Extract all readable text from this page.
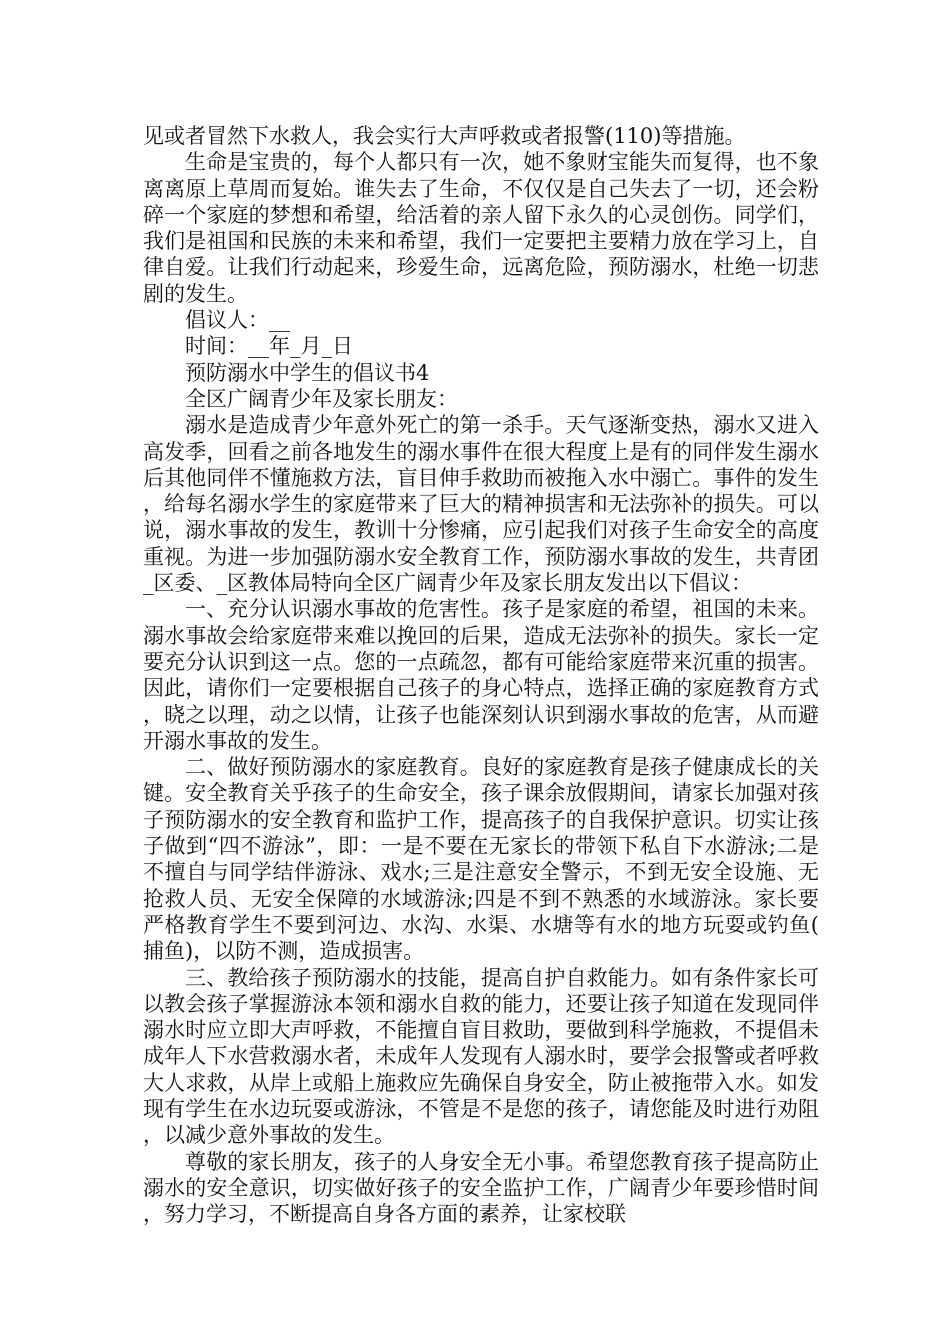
见或者冒然下水救人，我会实行大声呼救或者报警(110)等措施。

生命是宝贵的，每个人都只有一次，她不象财宝能失而复得，也不象离离原上草周而复始。谁失去了生命，不仅仅是自己失去了一切，还会粉碎一个家庭的梦想和希望，给活着的亲人留下永久的心灵创伤。同学们，我们是祖国和民族的未来和希望，我们一定要把主要精力放在学习上，自律自爱。让我们行动起来，珍爱生命，远离危险，预防溺水，杜绝一切悲剧的发生。

倡议人：__

时间：__年_月_日

预防溺水中学生的倡议书4

全区广阔青少年及家长朋友：

溺水是造成青少年意外死亡的第一杀手。天气逐渐变热，溺水又进入高发季，回看之前各地发生的溺水事件在很大程度上是有的同伴发生溺水后其他同伴不懂施救方法，盲目伸手救助而被拖入水中溺亡。事件的发生，给每名溺水学生的家庭带来了巨大的精神损害和无法弥补的损失。可以说，溺水事故的发生，教训十分惨痛，应引起我们对孩子生命安全的高度重视。为进一步加强防溺水安全教育工作，预防溺水事故的发生，共青团_区委、_区教体局特向全区广阔青少年及家长朋友发出以下倡议：

一、充分认识溺水事故的危害性。孩子是家庭的希望，祖国的未来。溺水事故会给家庭带来难以挽回的后果，造成无法弥补的损失。家长一定要充分认识到这一点。您的一点疏忽，都有可能给家庭带来沉重的损害。因此，请你们一定要根据自己孩子的身心特点，选择正确的家庭教育方式，晓之以理，动之以情，让孩子也能深刻认识到溺水事故的危害，从而避开溺水事故的发生。

二、做好预防溺水的家庭教育。良好的家庭教育是孩子健康成长的关键。安全教育关乎孩子的生命安全，孩子课余放假期间，请家长加强对孩子预防溺水的安全教育和监护工作，提高孩子的自我保护意识。切实让孩子做到“四不游泳”，即：一是不要在无家长的带领下私自下水游泳;二是不擅自与同学结伴游泳、戏水;三是注意安全警示，不到无安全设施、无抢救人员、无安全保障的水域游泳;四是不到不熟悉的水域游泳。家长要严格教育学生不要到河边、水沟、水渠、水塘等有水的地方玩耍或钓鱼(捕鱼)，以防不测，造成损害。

三、教给孩子预防溺水的技能，提高自护自救能力。如有条件家长可以教会孩子掌握游泳本领和溺水自救的能力，还要让孩子知道在发现同伴溺水时应立即大声呼救，不能擅自盲目救助，要做到科学施救，不提倡未成年人下水营救溺水者，未成年人发现有人溺水时，要学会报警或者呼救大人求救，从岸上或船上施救应先确保自身安全，防止被拖带入水。如发现有学生在水边玩耍或游泳，不管是不是您的孩子，请您能及时进行劝阻，以减少意外事故的发生。

尊敬的家长朋友，孩子的人身安全无小事。希望您教育孩子提高防止溺水的安全意识，切实做好孩子的安全监护工作，广阔青少年要珍惜时间，努力学习，不断提高自身各方面的素养，让家校联
